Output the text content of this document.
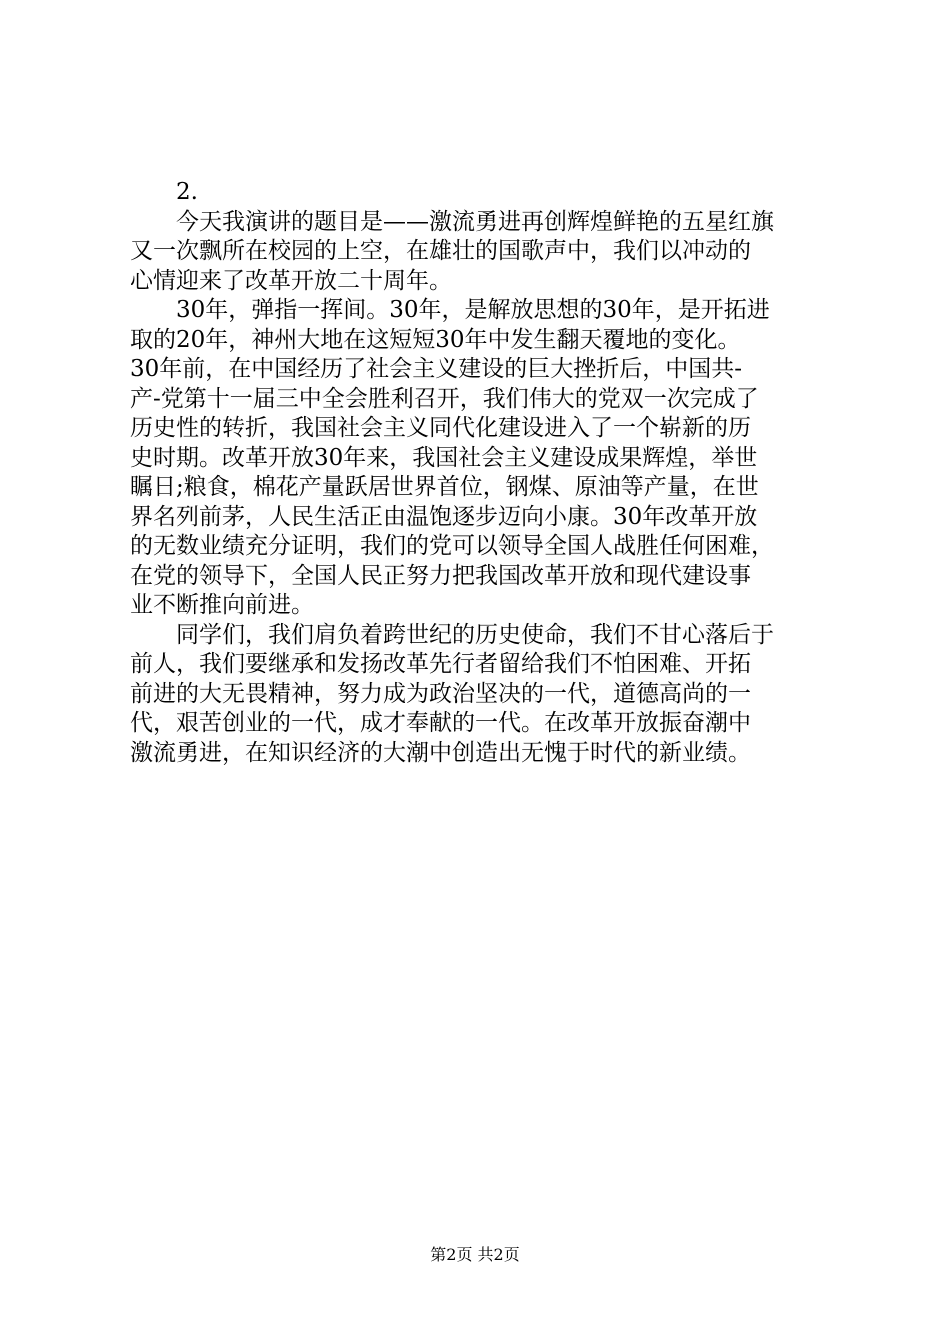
2.
今天我演讲的题目是——激流勇进再创辉煌鲜艳的五星红旗
又一次飘所在校园的上空，在雄壮的国歌声中，我们以冲动的
心情迎来了改革开放二十周年。
30年，弹指一挥间。30年，是解放思想的30年，是开拓进
取的20年，神州大地在这短短30年中发生翻天覆地的变化。
30年前，在中国经历了社会主义建设的巨大挫折后，中国共-
产-党第十一届三中全会胜利召开，我们伟大的党双一次完成了
历史性的转折，我国社会主义同代化建设进入了一个崭新的历
史时期。改革开放30年来，我国社会主义建设成果辉煌，举世
瞩日;粮食，棉花产量跃居世界首位，钢煤、原油等产量，在世
界名列前茅，人民生活正由温饱逐步迈向小康。30年改革开放
的无数业绩充分证明，我们的党可以领导全国人战胜任何困难，
在党的领导下，全国人民正努力把我国改革开放和现代建设事
业不断推向前进。
同学们，我们肩负着跨世纪的历史使命，我们不甘心落后于
前人，我们要继承和发扬改革先行者留给我们不怕困难、开拓
前进的大无畏精神，努力成为政治坚决的一代，道德高尚的一
代，艰苦创业的一代，成才奉献的一代。在改革开放振奋潮中
激流勇进，在知识经济的大潮中创造出无愧于时代的新业绩。
第2页 共2页
